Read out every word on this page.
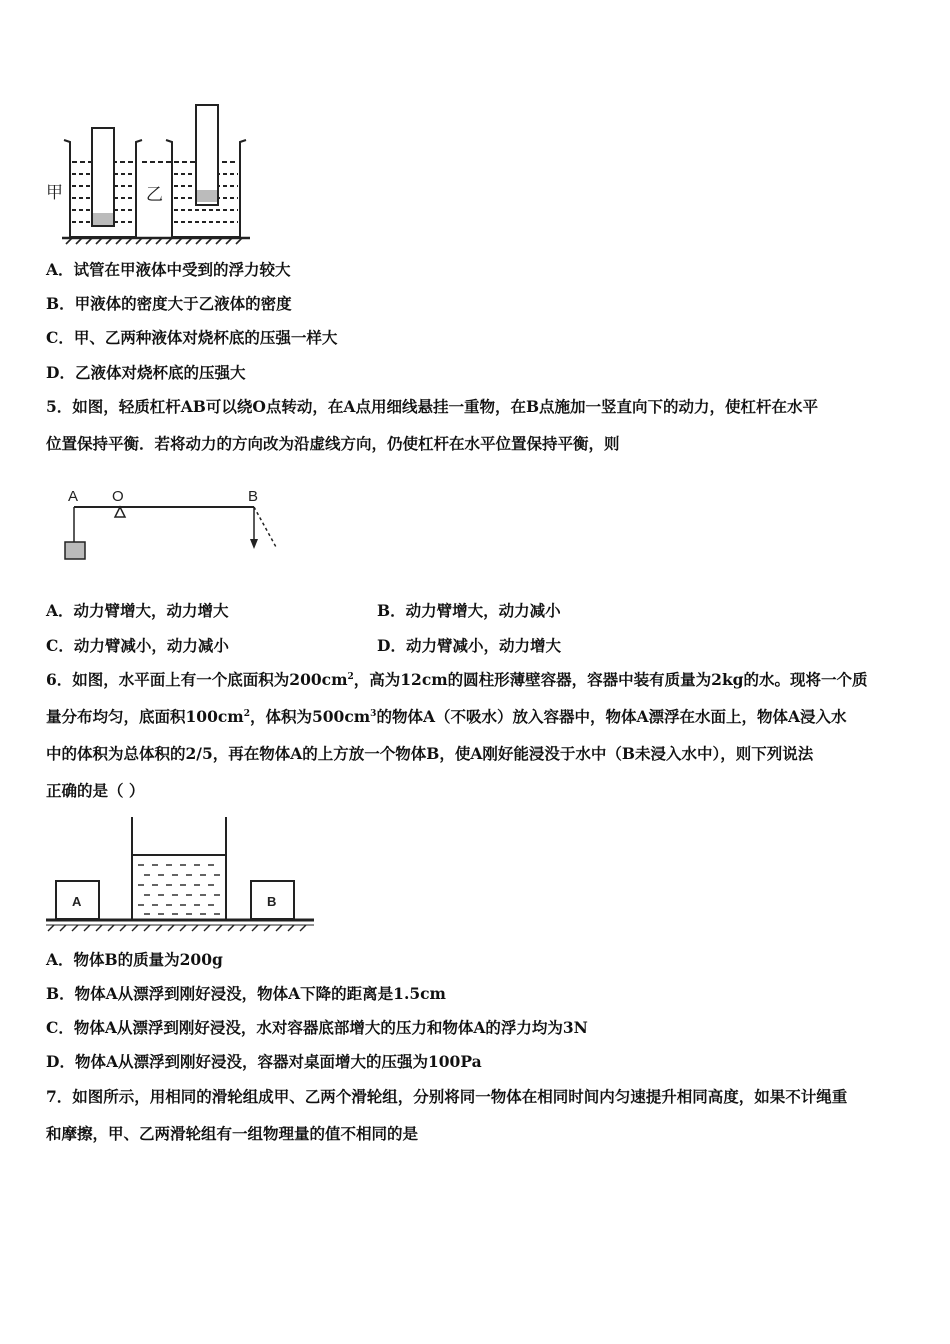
甲	乙
A．试管在甲液体中受到的浮力较大
B．甲液体的密度大于乙液体的密度
C．甲、乙两种液体对烧杯底的压强一样大
D．乙液体对烧杯底的压强大
5．如图，轻质杠杆AB可以绕O点转动，在A点用细线悬挂一重物，在B点施加一竖直向下的动力，使杠杆在水平
位置保持平衡．若将动力的方向改为沿虚线方向，仍使杠杆在水平位置保持平衡，则
A O	B
A．动力臂增大，动力增大	B．动力臂增大，动力减小
C．动力臂减小，动力减小	D．动力臂减小，动力增大
6．如图，水平面上有一个底面积为$200cm^2$，高为12cm的圆柱形薄壁容器，容器中装有质量为2kg的水。现将一个质
量分布均匀，底面积$100cm^2$，体积为$500cm^3$的物体A（不吸水）放入容器中，物体A漂浮在水面上，物体A浸入水
中的体积为总体积的2/5，再在物体A的上方放一个物体B，使A刚好能浸没于水中（B未浸入水中），则下列说法
正确的是（ ）
A	B
A．物体B的质量为200g
B．物体A从漂浮到刚好浸没，物体A下降的距离是1.5cm
C．物体A从漂浮到刚好浸没，水对容器底部增大的压力和物体A的浮力均为3N
D．物体A从漂浮到刚好浸没，容器对桌面增大的压强为100Pa
7．如图所示，用相同的滑轮组成甲、乙两个滑轮组，分别将同一物体在相同时间内匀速提升相同高度，如果不计绳重
和摩擦，甲、乙两滑轮组有一组物理量的值不相同的是
